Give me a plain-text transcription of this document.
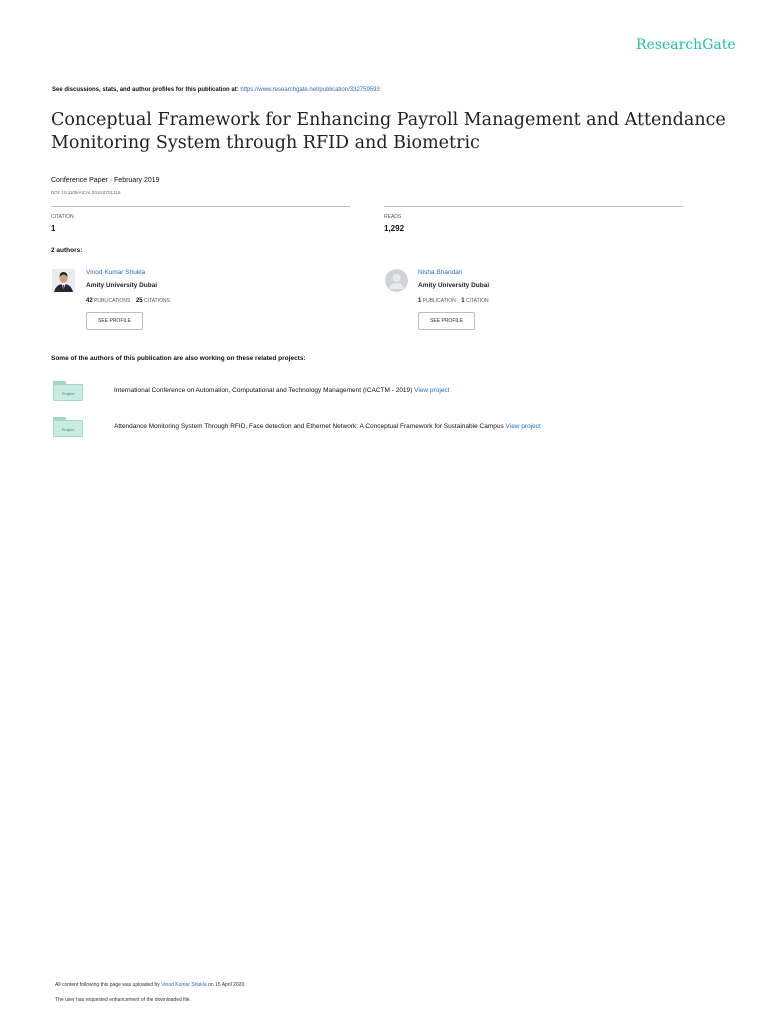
ResearchGate
See discussions, stats, and author profiles for this publication at: https://www.researchgate.net/publication/332759593
Conceptual Framework for Enhancing Payroll Management and Attendance Monitoring System through RFID and Biometric
Conference Paper · February 2019
DOI: 10.1109/AICAI.2019.8701316
CITATION
1
READS
1,292
2 authors:
Vinod Kumar Shukla
Amity University Dubai
42 PUBLICATIONS 25 CITATIONS
SEE PROFILE
Nisha Bhandari
Amity University Dubai
1 PUBLICATION 1 CITATION
SEE PROFILE
Some of the authors of this publication are also working on these related projects:
Project	International Conference on Automation, Computational and Technology Management (ICACTM - 2019) View project
Project	Attendance Monitoring System Through RFID, Face detection and Ethernet Network: A Conceptual Framework for Sustainable Campus View project
All content following this page was uploaded by Vinod Kumar Shukla on 15 April 2020.
The user has requested enhancement of the downloaded file.
